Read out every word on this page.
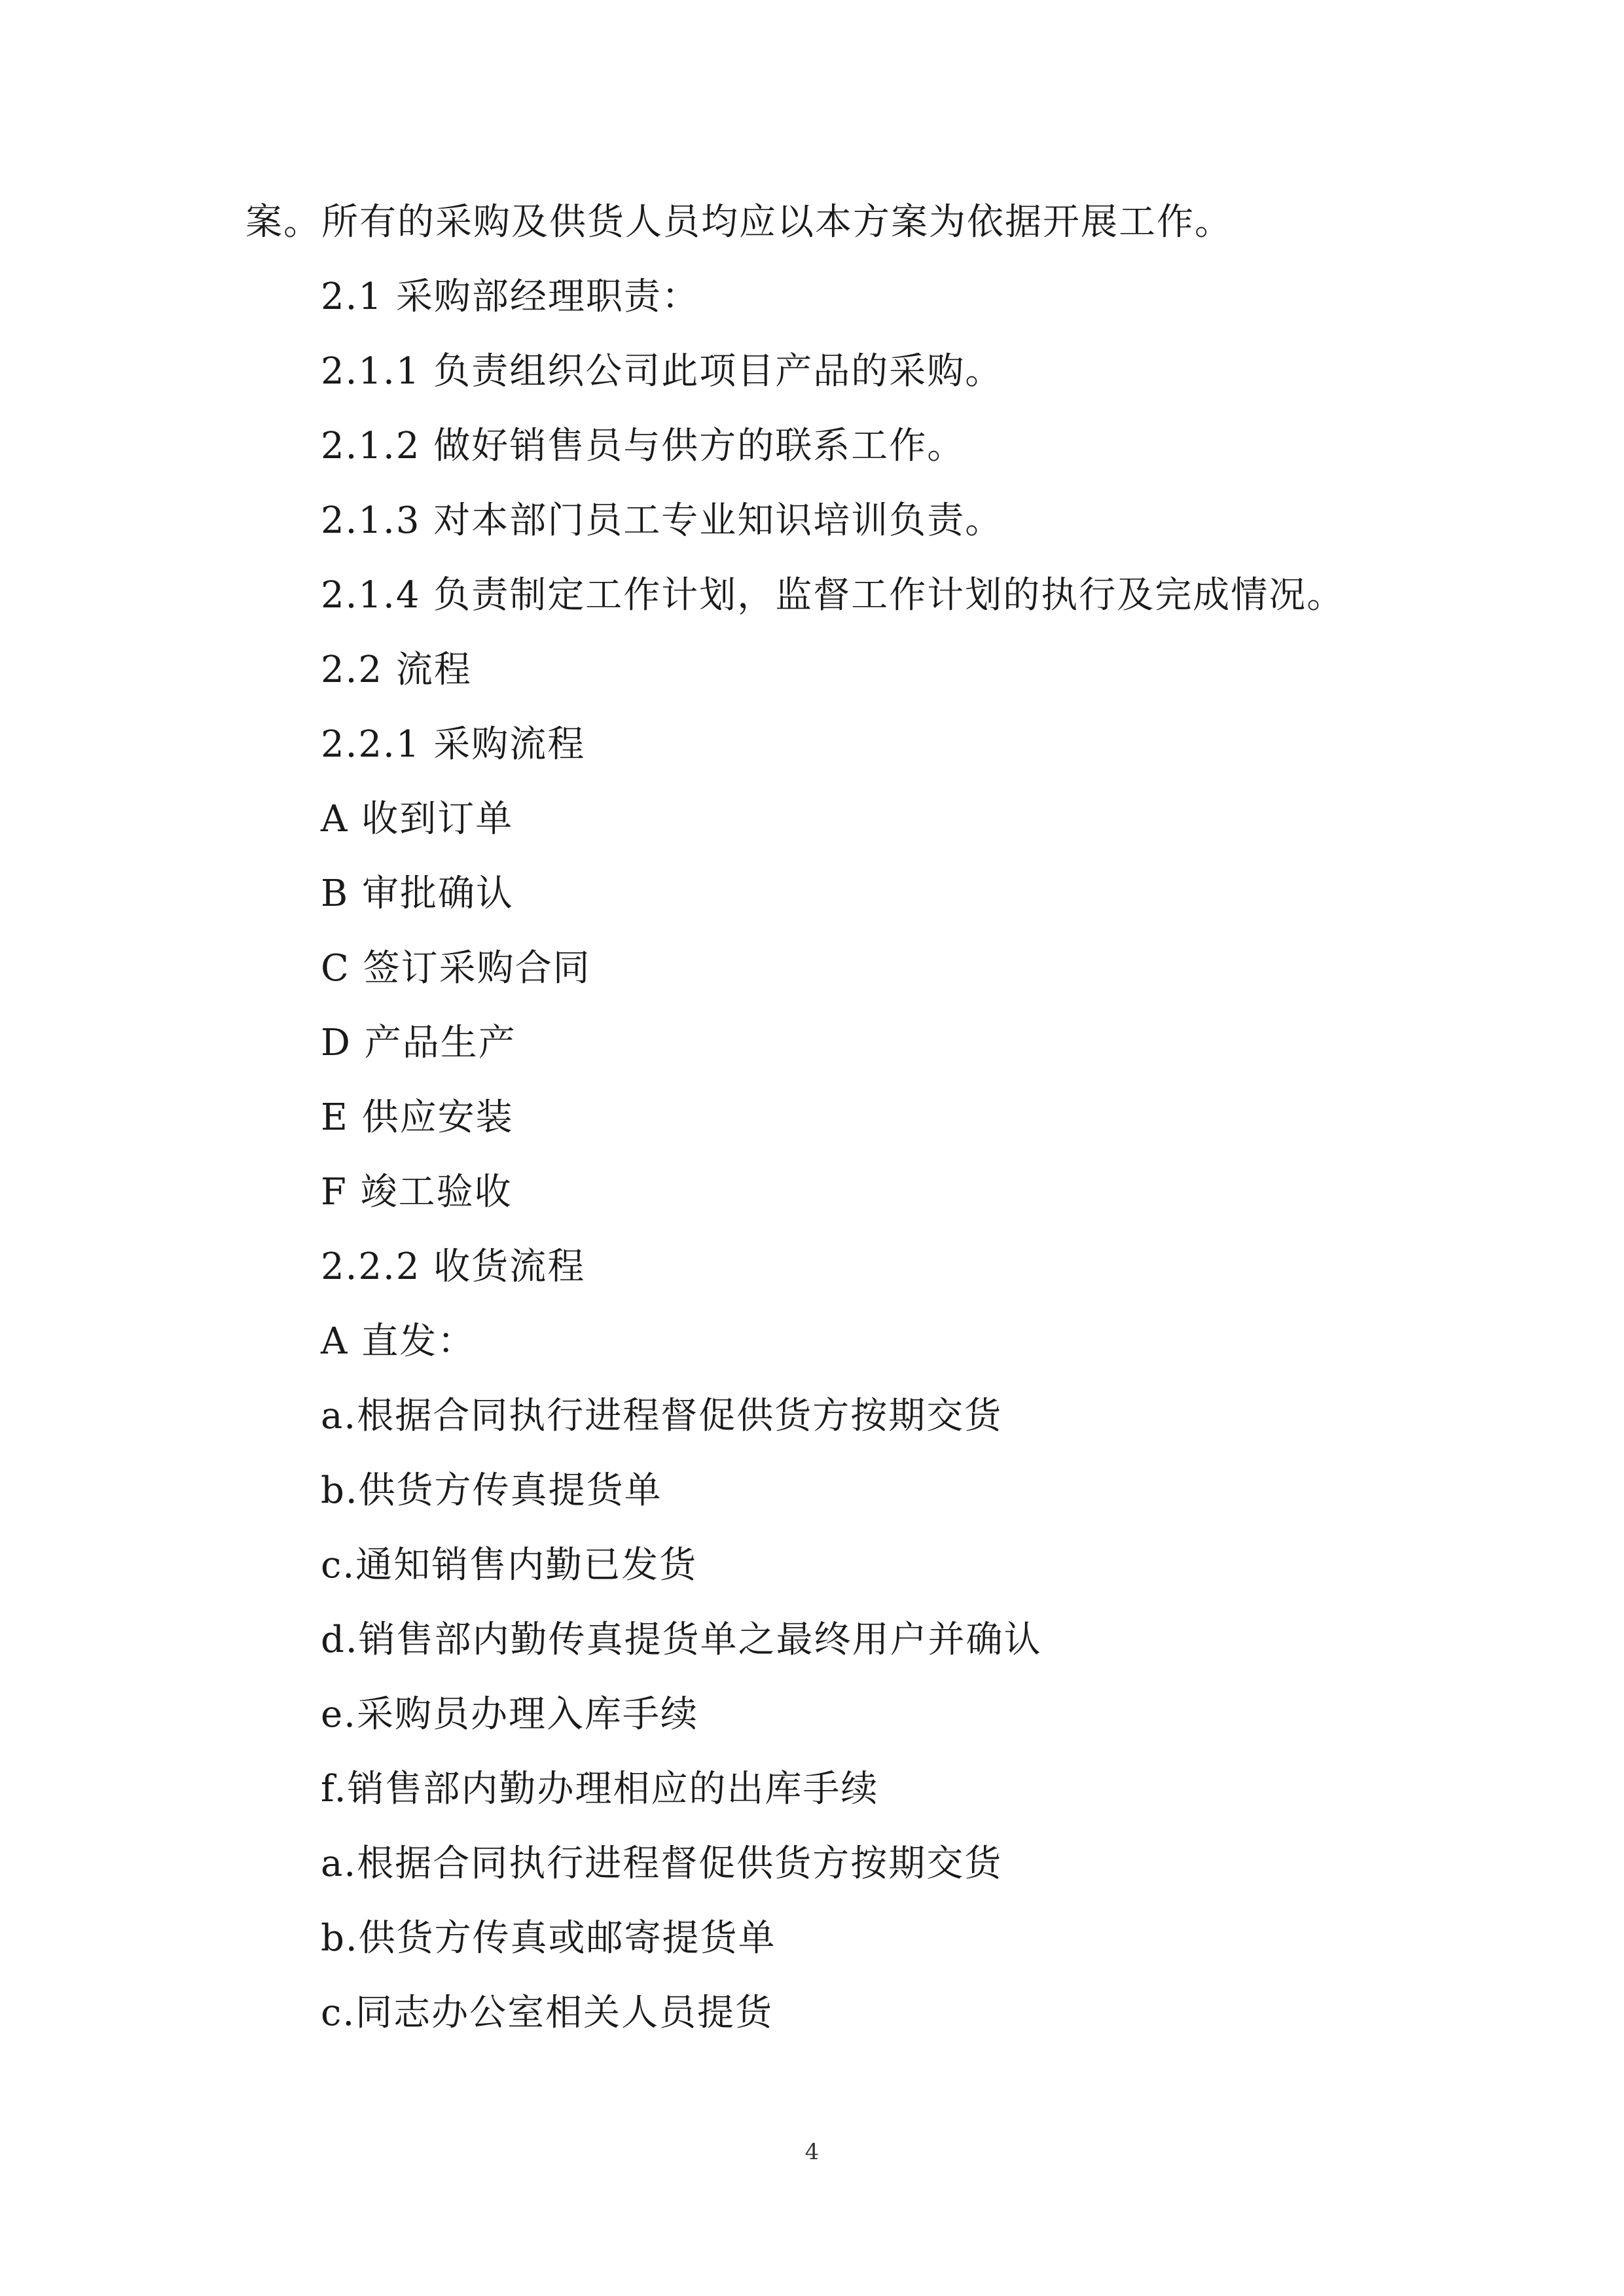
案。所有的采购及供货人员均应以本方案为依据开展工作。
2.1 采购部经理职责：
2.1.1 负责组织公司此项目产品的采购。
2.1.2 做好销售员与供方的联系工作。
2.1.3 对本部门员工专业知识培训负责。
2.1.4 负责制定工作计划，监督工作计划的执行及完成情况。
2.2 流程
2.2.1 采购流程
A 收到订单
B 审批确认
C 签订采购合同
D 产品生产
E 供应安装
F 竣工验收
2.2.2 收货流程
A 直发：
a.根据合同执行进程督促供货方按期交货
b.供货方传真提货单
c.通知销售内勤已发货
d.销售部内勤传真提货单之最终用户并确认
e.采购员办理入库手续
f.销售部内勤办理相应的出库手续
a.根据合同执行进程督促供货方按期交货
b.供货方传真或邮寄提货单
c.同志办公室相关人员提货
4
